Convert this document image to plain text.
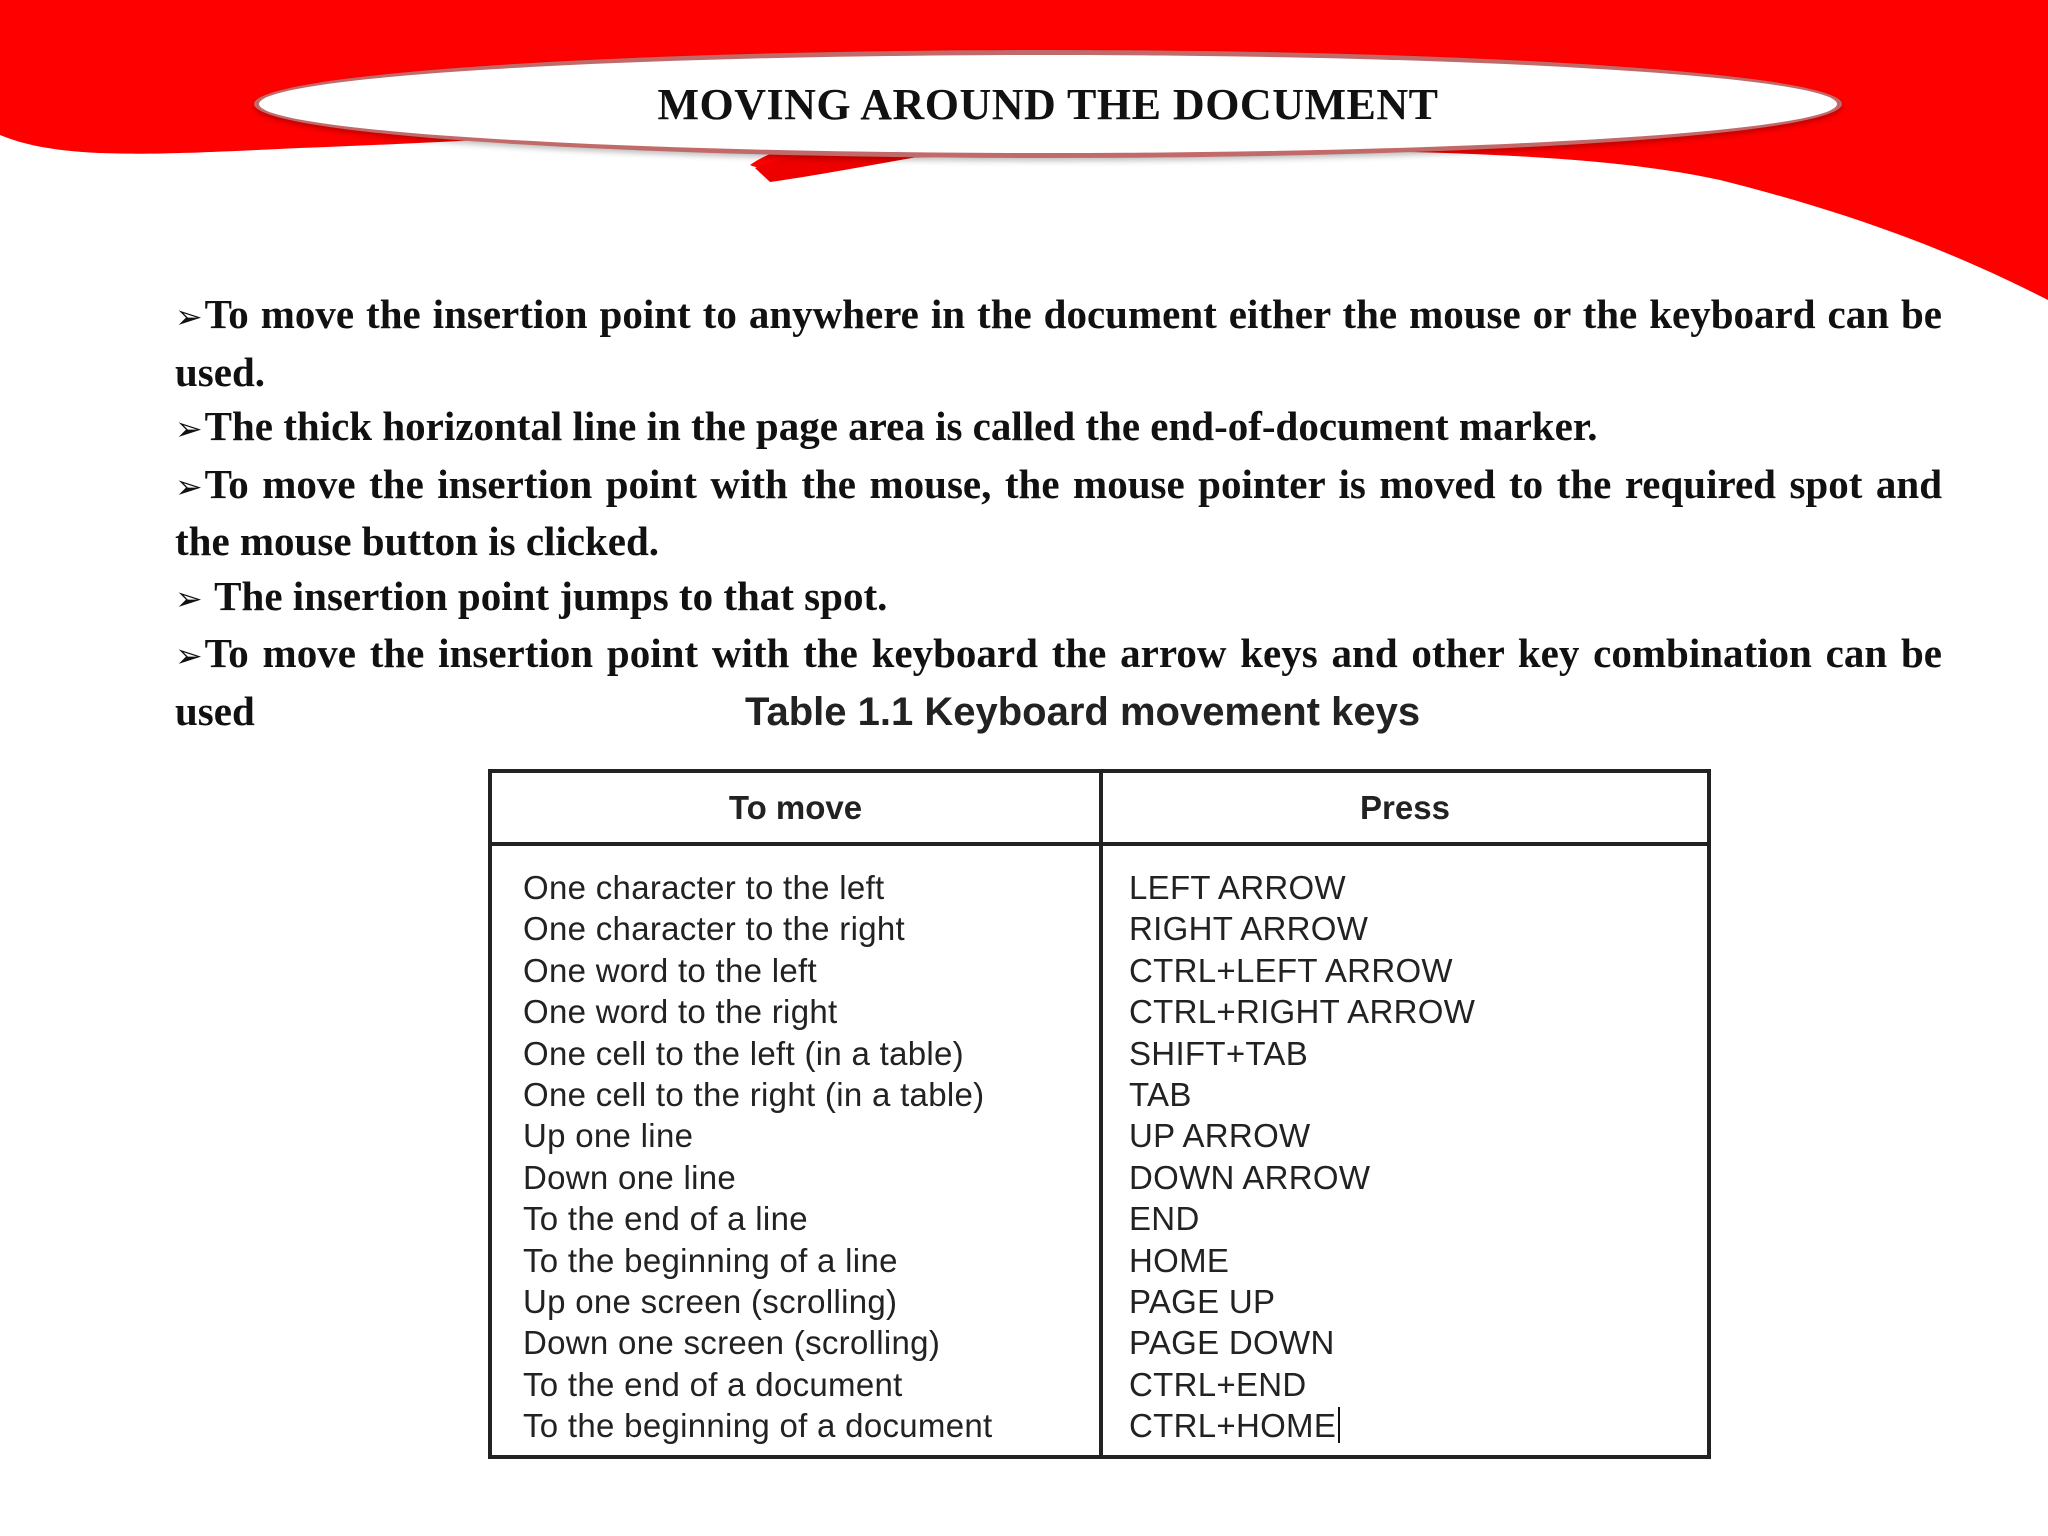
MOVING AROUND THE DOCUMENT

➢To move the insertion point to anywhere in the document either the mouse or the keyboard can be used.

➢The thick horizontal line in the page area is called the end-of-document marker.

➢To move the insertion point with the mouse, the mouse pointer is moved to the required spot and the mouse button is clicked.

➢ The insertion point jumps to that spot.

➢To move the insertion point with the keyboard the arrow keys and other key combination can be used	Table 1.1 Keyboard movement keys
To move	Press
One character to the left	LEFT ARROW
One character to the right	RIGHT ARROW
One word to the left	CTRL+LEFT ARROW
One word to the right	CTRL+RIGHT ARROW
One cell to the left (in a table)	SHIFT+TAB
One cell to the right (in a table)	TAB
Up one line	UP ARROW
Down one line	DOWN ARROW
To the end of a line	END
To the beginning of a line	HOME
Up one screen (scrolling)	PAGE UP
Down one screen (scrolling)	PAGE DOWN
To the end of a document	CTRL+END
To the beginning of a document	CTRL+HOME
